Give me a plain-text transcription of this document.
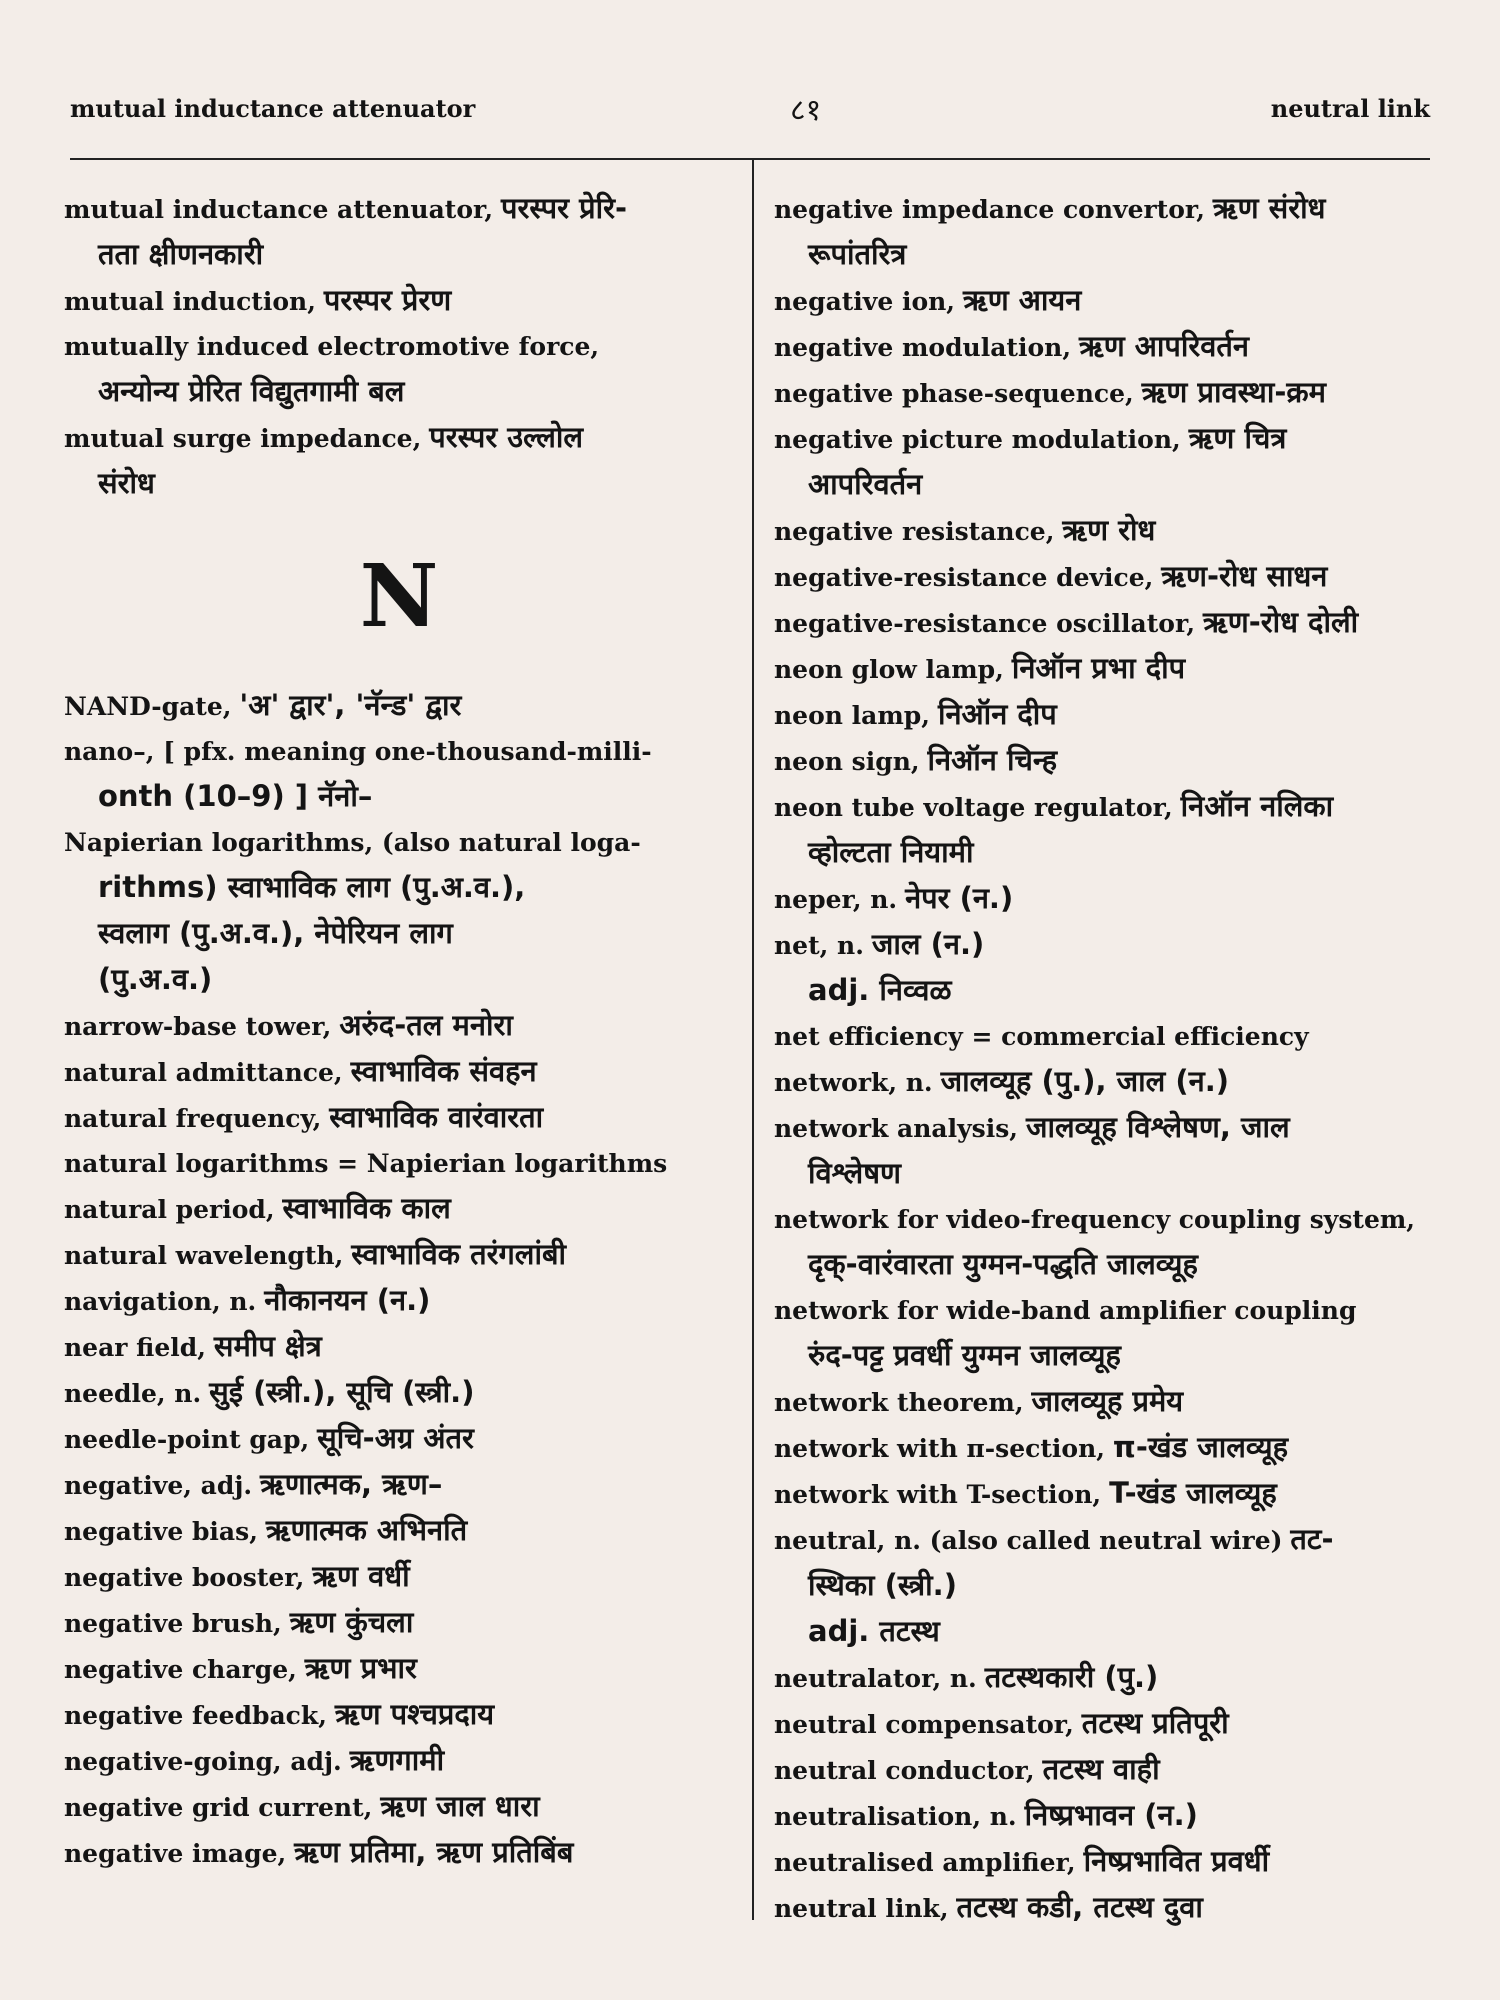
mutual inductance attenuator	८१	neutral link

mutual inductance attenuator, परस्पर प्रेरि-

तता क्षीणनकारी

mutual induction, परस्पर प्रेरण

mutually induced electromotive force,

अन्योन्य प्रेरित विद्युतगामी बल

mutual surge impedance, परस्पर उल्लोल

संरोध

N

NAND-gate, 'अ' द्वार', 'नॅन्ड' द्वार

nano–, [ pfx. meaning one-thousand-milli-

onth (10–9) ] नॅनो–

Napierian logarithms, (also natural loga-

rithms) स्वाभाविक लाग (पु.अ.व.),

स्वलाग (पु.अ.व.), नेपेरियन लाग

(पु.अ.व.)

narrow-base tower, अरुंद-तल मनोरा

natural admittance, स्वाभाविक संवहन

natural frequency, स्वाभाविक वारंवारता

natural logarithms = Napierian logarithms

natural period, स्वाभाविक काल

natural wavelength, स्वाभाविक तरंगलांबी

navigation, n. नौकानयन (न.)

near field, समीप क्षेत्र

needle, n. सुई (स्त्री.), सूचि (स्त्री.)

needle-point gap, सूचि-अग्र अंतर

negative, adj. ऋणात्मक, ऋण–

negative bias, ऋणात्मक अभिनति

negative booster, ऋण वर्धी

negative brush, ऋण कुंचला

negative charge, ऋण प्रभार

negative feedback, ऋण पश्चप्रदाय

negative-going, adj. ऋणगामी

negative grid current, ऋण जाल धारा

negative image, ऋण प्रतिमा, ऋण प्रतिबिंब

negative impedance convertor, ऋण संरोध

रूपांतरित्र

negative ion, ऋण आयन

negative modulation, ऋण आपरिवर्तन

negative phase-sequence, ऋण प्रावस्था-क्रम

negative picture modulation, ऋण चित्र

आपरिवर्तन

negative resistance, ऋण रोध

negative-resistance device, ऋण-रोध साधन

negative-resistance oscillator, ऋण-रोध दोली

neon glow lamp, निऑन प्रभा दीप

neon lamp, निऑन दीप

neon sign, निऑन चिन्ह

neon tube voltage regulator, निऑन नलिका

व्होल्टता नियामी

neper, n. नेपर (न.)

net, n. जाल (न.)

adj. निव्वळ

net efficiency = commercial efficiency

network, n. जालव्यूह (पु.), जाल (न.)

network analysis, जालव्यूह विश्लेषण, जाल

विश्लेषण

network for video-frequency coupling system,

दृक्-वारंवारता युग्मन-पद्धति जालव्यूह

network for wide-band amplifier coupling

रुंद-पट्ट प्रवर्धी युग्मन जालव्यूह

network theorem, जालव्यूह प्रमेय

network with π-section, π-खंड जालव्यूह

network with T-section, T-खंड जालव्यूह

neutral, n. (also called neutral wire) तट-

स्थिका (स्त्री.)

adj. तटस्थ

neutralator, n. तटस्थकारी (पु.)

neutral compensator, तटस्थ प्रतिपूरी

neutral conductor, तटस्थ वाही

neutralisation, n. निष्प्रभावन (न.)

neutralised amplifier, निष्प्रभावित प्रवर्धी

neutral link, तटस्थ कडी, तटस्थ दुवा
